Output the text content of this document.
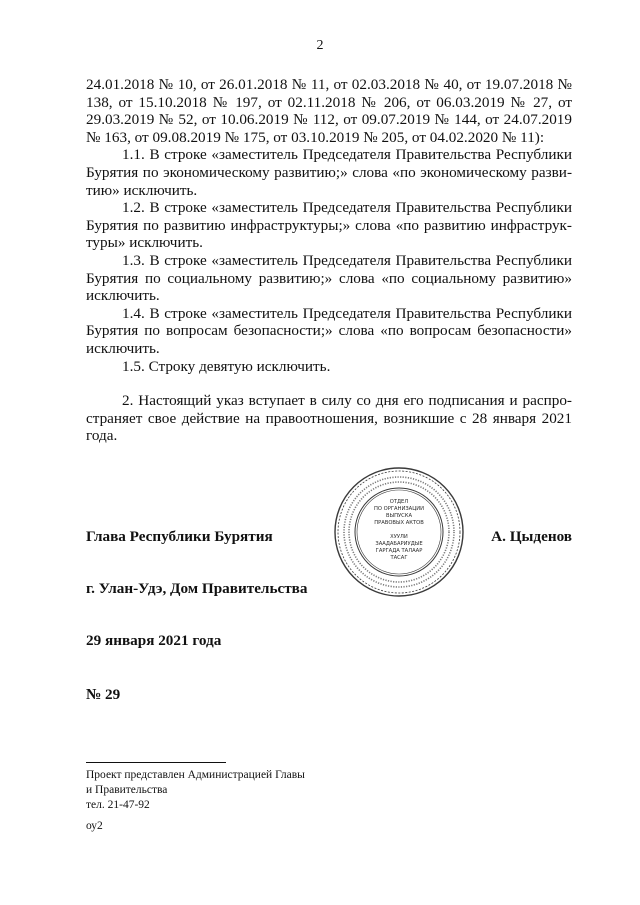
2

24.01.2018 № 10, от 26.01.2018 № 11, от 02.03.2018 № 40, от 19.07.2018 № 138, от 15.10.2018 № 197, от 02.11.2018 № 206, от 06.03.2019 № 27, от 29.03.2019 № 52, от 10.06.2019 № 112, от 09.07.2019 № 144, от 24.07.2019 № 163, от 09.08.2019 № 175, от 03.10.2019 № 205, от 04.02.2020 № 11):

1.1. В строке «заместитель Председателя Правительства Республики Бурятия по экономическому развитию;» слова «по экономическому разви-тию» исключить.

1.2. В строке «заместитель Председателя Правительства Республики Бурятия по развитию инфраструктуры;» слова «по развитию инфраструк-туры» исключить.

1.3. В строке «заместитель Председателя Правительства Республики Бурятия по социальному развитию;» слова «по социальному развитию» исключить.

1.4. В строке «заместитель Председателя Правительства Республики Бурятия по вопросам безопасности;» слова «по вопросам безопасности» исключить.

1.5. Строку девятую исключить.

2. Настоящий указ вступает в силу со дня его подписания и распро-страняет свое действие на правоотношения, возникшие с 28 января 2021 года.

ОТДЕЛ
ПО ОРГАНИЗАЦИИ
ВЫПУСКА
ПРАВОВЫХ АКТОВ
ХУУЛИ
ЗААДАБАРИУДЫЕ
ГАРГАДА ТАЛААР
ТАСАГ
Глава Республики Бурятия	А. Цыденов
г. Улан-Удэ, Дом Правительства
29 января 2021 года
№ 29
Проект представлен Администрацией Главы
и Правительства
тел. 21-47-92
оу2
